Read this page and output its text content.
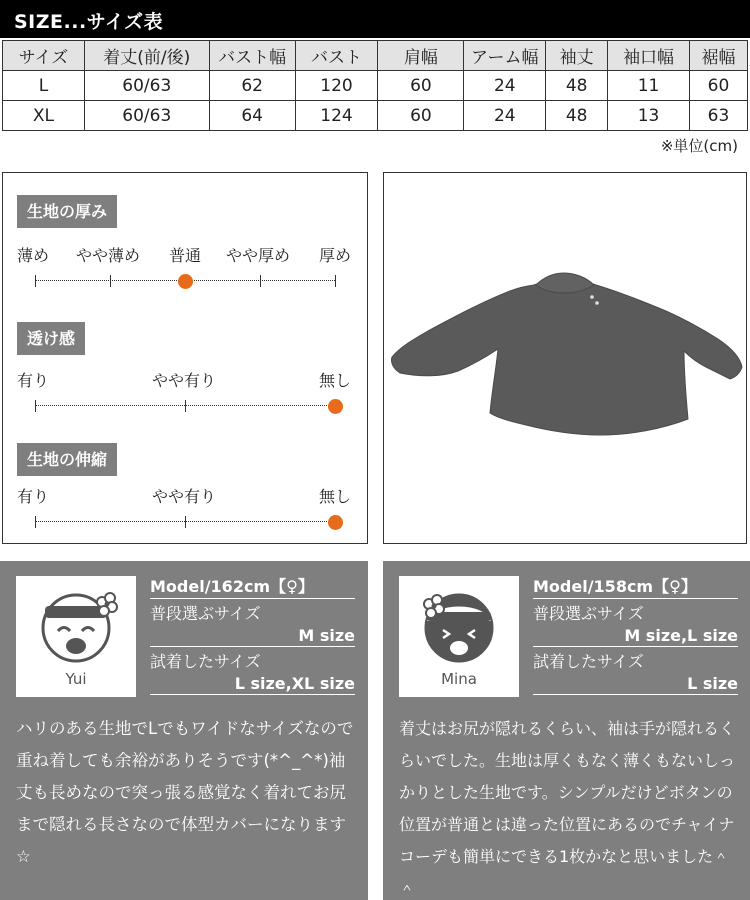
SIZE...サイズ表
サイズ	着丈(前/後)	バスト幅	バスト	肩幅	アーム幅	袖丈	袖口幅	裾幅
L	60/63	62	120	60	24	48	11	60
XL	60/63	64	124	60	24	48	13	63
※単位(cm)
生地の厚み
薄め やや薄め 普通 やや厚め 厚め
透け感
有り	やや有り	無し
生地の伸縮
有り	やや有り	無し
Yui
Model/162cm【♀】
普段選ぶサイズ
M size
試着したサイズ
L size,XL size
ハリのある生地でLでもワイドなサイズなので重ね着しても余裕がありそうです(*^_^*)袖丈も長めなので突っ張る感覚なく着れてお尻まで隠れる長さなので体型カバーになります☆
Mina
Model/158cm【♀】
普段選ぶサイズ
M size,L size
試着したサイズ
L size
着丈はお尻が隠れるくらい、袖は手が隠れるくらいでした。生地は厚くもなく薄くもないしっかりとした生地です。シンプルだけどボタンの位置が普通とは違った位置にあるのでチャイナコーデも簡単にできる1枚かなと思いました＾＾
